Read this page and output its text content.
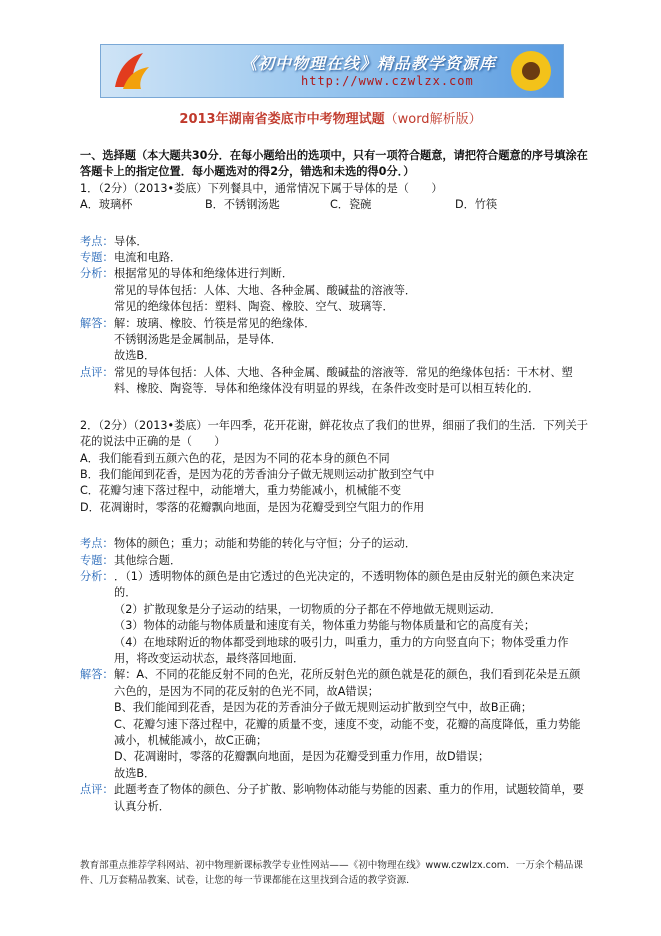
《初中物理在线》精品教学资源库
http://www.czwlzx.com
2013年湖南省娄底市中考物理试题（word解析版）

一、选择题（本大题共30分．在每小题给出的选项中，只有一项符合题意，请把符合题意的序号填涂在答题卡上的指定位置．每小题选对的得2分，错选和未选的得0分．）

1．（2分）（2013•娄底）下列餐具中，通常情况下属于导体的是（　　）

A．玻璃杯	B．不锈钢汤匙	C．瓷碗	D．竹筷
考点： 导体．
专题： 电流和电路．
分析： 根据常见的导体和绝缘体进行判断．

常见的导体包括：人体、大地、各种金属、酸碱盐的溶液等．

常见的绝缘体包括：塑料、陶瓷、橡胶、空气、玻璃等．

解答： 解：玻璃、橡胶、竹筷是常见的绝缘体．

不锈钢汤匙是金属制品，是导体．

故选B．

点评： 常见的导体包括：人体、大地、各种金属、酸碱盐的溶液等．常见的绝缘体包括：干木材、塑料、橡胶、陶瓷等．导体和绝缘体没有明显的界线，在条件改变时是可以相互转化的．

2．（2分）（2013•娄底）一年四季，花开花谢，鲜花妆点了我们的世界，细丽了我们的生活．下列关于花的说法中正确的是（　　）

A．我们能看到五颜六色的花，是因为不同的花本身的颜色不同

B．我们能闻到花香，是因为花的芳香油分子做无规则运动扩散到空气中

C．花瓣匀速下落过程中，动能增大，重力势能减小，机械能不变

D．花凋谢时，零落的花瓣飘向地面，是因为花瓣受到空气阻力的作用

考点： 物体的颜色；重力；动能和势能的转化与守恒；分子的运动．
专题： 其他综合题．
分析： ．（1）透明物体的颜色是由它透过的色光决定的，不透明物体的颜色是由反射光的颜色来决定的．

（2）扩散现象是分子运动的结果，一切物质的分子都在不停地做无规则运动．

（3）物体的动能与物体质量和速度有关，物体重力势能与物体质量和它的高度有关；

（4）在地球附近的物体都受到地球的吸引力，叫重力，重力的方向竖直向下；物体受重力作用，将改变运动状态，最终落回地面．

解答： 解：A、不同的花能反射不同的色光，花所反射色光的颜色就是花的颜色，我们看到花朵是五颜六色的，是因为不同的花反射的色光不同，故A错误；

B、我们能闻到花香，是因为花的芳香油分子做无规则运动扩散到空气中，故B正确；

C、花瓣匀速下落过程中，花瓣的质量不变，速度不变，动能不变，花瓣的高度降低，重力势能减小，机械能减小，故C正确；

D、花凋谢时，零落的花瓣飘向地面，是因为花瓣受到重力作用，故D错误；

故选B．

点评： 此题考查了物体的颜色、分子扩散、影响物体动能与势能的因素、重力的作用，试题较简单，要认真分析．
教育部重点推荐学科网站、初中物理新课标教学专业性网站——《初中物理在线》www.czwlzx.com．一万余个精品课件、几万套精品教案、试卷，让您的每一节课都能在这里找到合适的教学资源．
